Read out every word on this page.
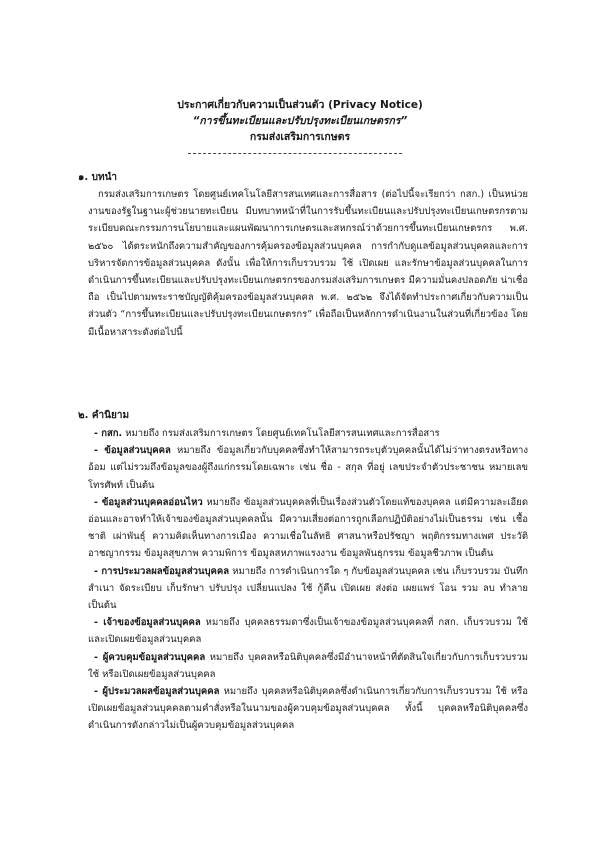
ประกาศเกี่ยวกับความเป็นส่วนตัว (Privacy Notice)
“การขึ้นทะเบียนและปรับปรุงทะเบียนเกษตรกร”
กรมส่งเสริมการเกษตร
๑. บทนำ
กรมส่งเสริมการเกษตร โดยศูนย์เทคโนโลยีสารสนเทศและการสื่อสาร (ต่อไปนี้จะเรียกว่า กสก.) เป็นหน่วยงานของรัฐในฐานะผู้ช่วยนายทะเบียน มีบทบาทหน้าที่ในการรับขึ้นทะเบียนและปรับปรุงทะเบียนเกษตรกรตามระเบียบคณะกรรมการนโยบายและแผนพัฒนาการเกษตรและสหกรณ์ว่าด้วยการขึ้นทะเบียนเกษตรกร พ.ศ. ๒๕๖๐ ได้ตระหนักถึงความสำคัญของการคุ้มครองข้อมูลส่วนบุคคล การกำกับดูแลข้อมูลส่วนบุคคลและการบริหารจัดการข้อมูลส่วนบุคคล ดังนั้น เพื่อให้การเก็บรวบรวม ใช้ เปิดเผย และรักษาข้อมูลส่วนบุคคลในการดำเนินการขึ้นทะเบียนและปรับปรุงทะเบียนเกษตรกรของกรมส่งเสริมการเกษตร มีความมั่นคงปลอดภัย น่าเชื่อถือ เป็นไปตามพระราชบัญญัติคุ้มครองข้อมูลส่วนบุคคล พ.ศ. ๒๕๖๒ จึงได้จัดทำประกาศเกี่ยวกับความเป็นส่วนตัว “การขึ้นทะเบียนและปรับปรุงทะเบียนเกษตรกร” เพื่อถือเป็นหลักการดำเนินงานในส่วนที่เกี่ยวข้อง โดยมีเนื้อหาสาระดังต่อไปนี้
๒. คำนิยาม

- กสก. หมายถึง กรมส่งเสริมการเกษตร โดยศูนย์เทคโนโลยีสารสนเทศและการสื่อสาร

- ข้อมูลส่วนบุคคล หมายถึง ข้อมูลเกี่ยวกับบุคคลซึ่งทำให้สามารถระบุตัวบุคคลนั้นได้ไม่ว่าทางตรงหรือทางอ้อม แต่ไม่รวมถึงข้อมูลของผู้ถึงแก่กรรมโดยเฉพาะ เช่น ชื่อ - สกุล ที่อยู่ เลขประจำตัวประชาชน หมายเลขโทรศัพท์ เป็นต้น

- ข้อมูลส่วนบุคคลอ่อนไหว หมายถึง ข้อมูลส่วนบุคคลที่เป็นเรื่องส่วนตัวโดยแท้ของบุคคล แต่มีความละเอียดอ่อนและอาจทำให้เจ้าของข้อมูลส่วนบุคคลนั้น มีความเสี่ยงต่อการถูกเลือกปฏิบัติอย่างไม่เป็นธรรม เช่น เชื้อชาติ เผ่าพันธุ์ ความคิดเห็นทางการเมือง ความเชื่อในลัทธิ ศาสนาหรือปรัชญา พฤติกรรมทางเพศ ประวัติอาชญากรรม ข้อมูลสุขภาพ ความพิการ ข้อมูลสหภาพแรงงาน ข้อมูลพันธุกรรม ข้อมูลชีวภาพ เป็นต้น

- การประมวลผลข้อมูลส่วนบุคคล หมายถึง การดำเนินการใด ๆ กับข้อมูลส่วนบุคคล เช่น เก็บรวบรวม บันทึก สำเนา จัดระเบียบ เก็บรักษา ปรับปรุง เปลี่ยนแปลง ใช้ กู้คืน เปิดเผย ส่งต่อ เผยแพร่ โอน รวม ลบ ทำลาย เป็นต้น

- เจ้าของข้อมูลส่วนบุคคล หมายถึง บุคคลธรรมดาซึ่งเป็นเจ้าของข้อมูลส่วนบุคคลที่ กสก. เก็บรวบรวม ใช้ และเปิดเผยข้อมูลส่วนบุคคล

- ผู้ควบคุมข้อมูลส่วนบุคคล หมายถึง บุคคลหรือนิติบุคคลซึ่งมีอำนาจหน้าที่ตัดสินใจเกี่ยวกับการเก็บรวบรวม ใช้ หรือเปิดเผยข้อมูลส่วนบุคคล

- ผู้ประมวลผลข้อมูลส่วนบุคคล หมายถึง บุคคลหรือนิติบุคคลซึ่งดำเนินการเกี่ยวกับการเก็บรวบรวม ใช้ หรือเปิดเผยข้อมูลส่วนบุคคลตามคำสั่งหรือในนามของผู้ควบคุมข้อมูลส่วนบุคคล ทั้งนี้ บุคคลหรือนิติบุคคลซึ่งดำเนินการดังกล่าวไม่เป็นผู้ควบคุมข้อมูลส่วนบุคคล
